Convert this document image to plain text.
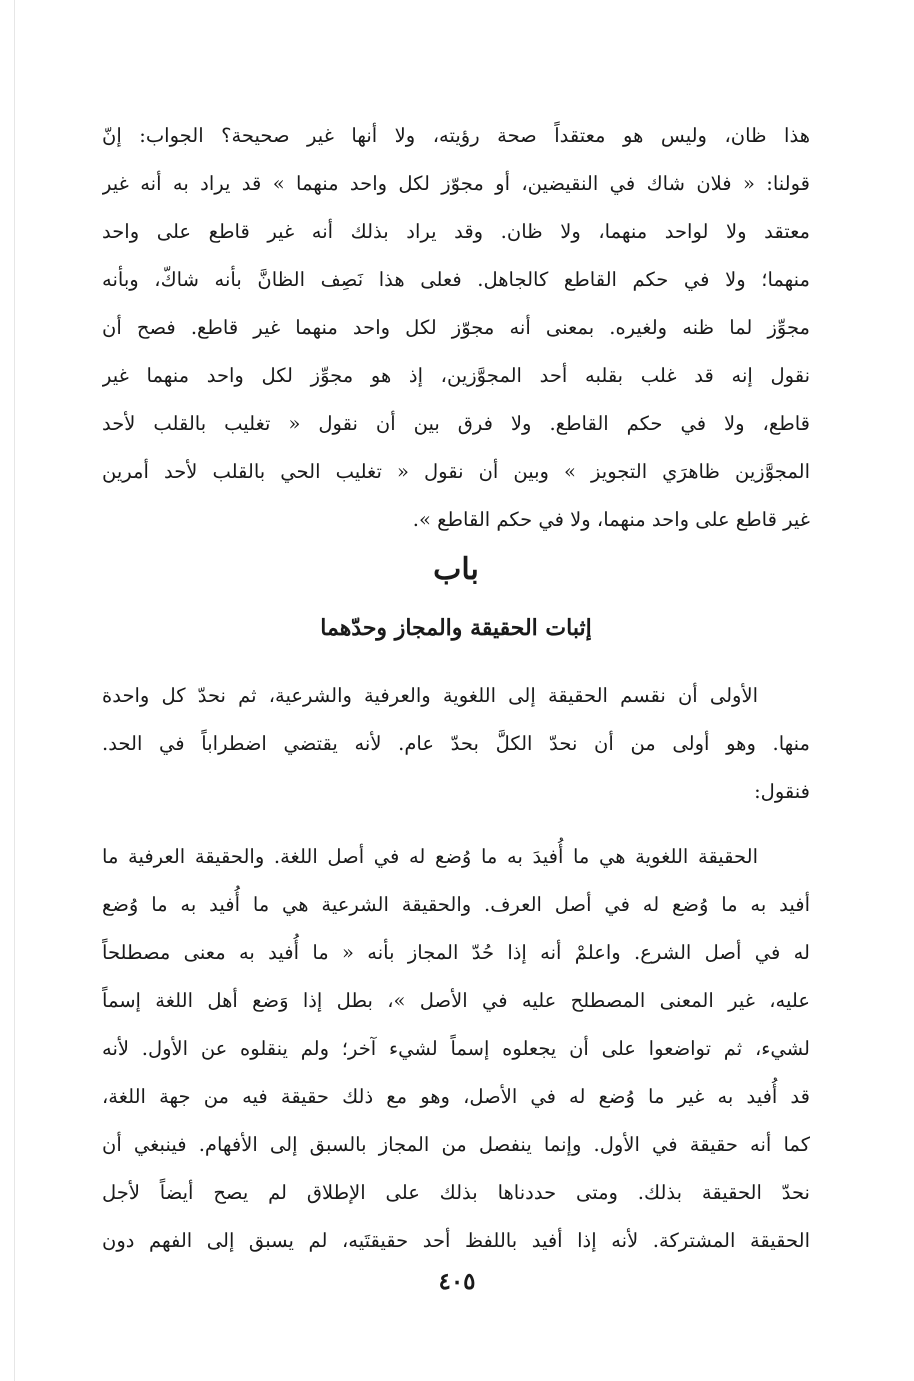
هذا ظان، وليس هو معتقداً صحة رؤيته، ولا أنها غير صحيحة؟ الجواب: إنّ
قولنا: « فلان شاك في النقيضين، أو مجوّز لكل واحد منهما » قد يراد به أنه غير
معتقد ولا لواحد منهما، ولا ظان. وقد يراد بذلك أنه غير قاطع على واحد
منهما؛ ولا في حكم القاطع كالجاهل. فعلى هذا نَصِف الظانَّ بأنه شاكّ، وبأنه
مجوِّز لما ظنه ولغيره. بمعنى أنه مجوّز لكل واحد منهما غير قاطع. فصح أن
نقول إنه قد غلب بقلبه أحد المجوَّزين، إذ هو مجوِّز لكل واحد منهما غير
قاطع، ولا في حكم القاطع. ولا فرق بين أن نقول « تغليب بالقلب لأحد
المجوَّزين ظاهرَي التجويز » وبين أن نقول « تغليب الحي بالقلب لأحد أمرين
غير قاطع على واحد منهما، ولا في حكم القاطع ».
باب
إثبات الحقيقة والمجاز وحدّهما
الأولى أن نقسم الحقيقة إلى اللغوية والعرفية والشرعية، ثم نحدّ كل واحدة
منها. وهو أولى من أن نحدّ الكلَّ بحدّ عام. لأنه يقتضي اضطراباً في الحد.
فنقول:
الحقيقة اللغوية هي ما أُفيدَ به ما وُضع له في أصل اللغة. والحقيقة العرفية ما
أفيد به ما وُضع له في أصل العرف. والحقيقة الشرعية هي ما أُفيد به ما وُضع
له في أصل الشرع. واعلمْ أنه إذا حُدّ المجاز بأنه « ما أُفيد به معنى مصطلحاً
عليه، غير المعنى المصطلح عليه في الأصل »، بطل إذا وَضع أهل اللغة إسماً
لشيء، ثم تواضعوا على أن يجعلوه إسماً لشيء آخر؛ ولم ينقلوه عن الأول. لأنه
قد أُفيد به غير ما وُضع له في الأصل، وهو مع ذلك حقيقة فيه من جهة اللغة،
كما أنه حقيقة في الأول. وإنما ينفصل من المجاز بالسبق إلى الأفهام. فينبغي أن
نحدّ الحقيقة بذلك. ومتى حددناها بذلك على الإطلاق لم يصح أيضاً لأجل
الحقيقة المشتركة. لأنه إذا أفيد باللفظ أحد حقيقتَيه، لم يسبق إلى الفهم دون
٤٠٥
